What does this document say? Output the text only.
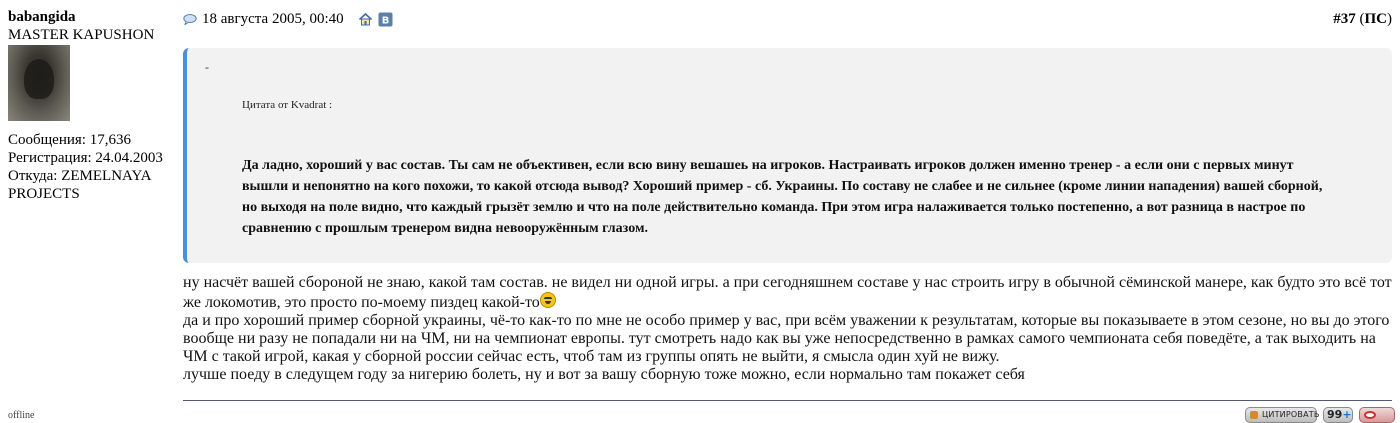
babangida
MASTER KAPUSHON
Сообщения: 17,636
Регистрация: 24.04.2003
Откуда: ZEMELNAYA
PROJECTS
18 августа 2005, 00:40	В	#37 (ПС)
-
Цитата от Kvadrat :
Да ладно, хороший у вас состав. Ты сам не объективен, если всю вину вешашеь на игроков. Настраивать игроков должен именно тренер - а если они с первых минут вышли и непонятно на кого похожи, то какой отсюда вывод? Хороший пример - сб. Украины. По составу не слабее и не сильнее (кроме линии нападения) вашей сборной, но выходя на поле видно, что каждый грызёт землю и что на поле действительно команда. При этом игра налаживается только постепенно, а вот разница в настрое по сравнению с прошлым тренером видна невооружённым глазом.
ну насчёт вашей сбороной не знаю, какой там состав. не видел ни одной игры. а при сегодняшнем составе у нас строить игру в обычной сёминской манере, как будто это всё тот же локомотив, это просто по-моему пиздец какой-то
да и про хороший пример сборной украины, чё-то как-то по мне не особо пример у вас, при всём уважении к результатам, которые вы показываете в этом сезоне, но вы до этого вообще ни разу не попадали ни на ЧМ, ни на чемпионат европы. тут смотреть надо как вы уже непосредственно в рамках самого чемпионата себя поведёте, а так выходить на ЧМ с такой игрой, какая у сборной россии сейчас есть, чтоб там из группы опять не выйти, я смысла один хуй не вижу.
лучше поеду в следущем году за нигерию болеть, ну и вот за вашу сборную тоже можно, если нормально там покажет себя
offline	ЦИТИРОВАТЬ 99+
